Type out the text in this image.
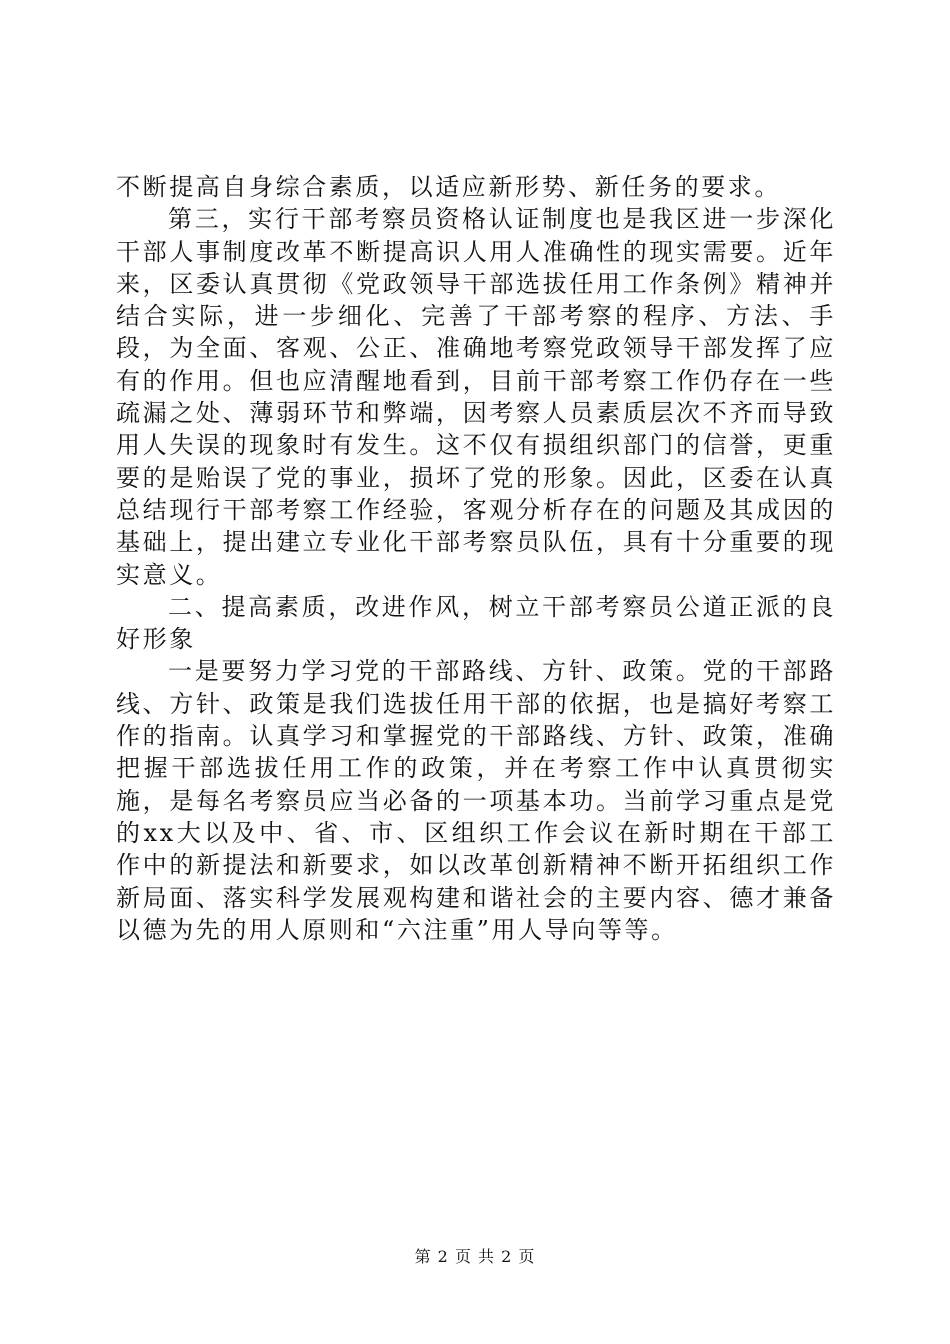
不断提高自身综合素质，以适应新形势、新任务的要求。

第三，实行干部考察员资格认证制度也是我区进一步深化干部人事制度改革不断提高识人用人准确性的现实需要。近年来，区委认真贯彻《党政领导干部选拔任用工作条例》精神并结合实际，进一步细化、完善了干部考察的程序、方法、手段，为全面、客观、公正、准确地考察党政领导干部发挥了应有的作用。但也应清醒地看到，目前干部考察工作仍存在一些疏漏之处、薄弱环节和弊端，因考察人员素质层次不齐而导致用人失误的现象时有发生。这不仅有损组织部门的信誉，更重要的是贻误了党的事业，损坏了党的形象。因此，区委在认真总结现行干部考察工作经验，客观分析存在的问题及其成因的基础上，提出建立专业化干部考察员队伍，具有十分重要的现实意义。

二、提高素质，改进作风，树立干部考察员公道正派的良好形象

一是要努力学习党的干部路线、方针、政策。党的干部路线、方针、政策是我们选拔任用干部的依据，也是搞好考察工作的指南。认真学习和掌握党的干部路线、方针、政策，准确把握干部选拔任用工作的政策，并在考察工作中认真贯彻实施，是每名考察员应当必备的一项基本功。当前学习重点是党的xx大以及中、省、市、区组织工作会议在新时期在干部工作中的新提法和新要求，如以改革创新精神不断开拓组织工作新局面、落实科学发展观构建和谐社会的主要内容、德才兼备以德为先的用人原则和“六注重”用人导向等等。

第 2 页 共 2 页
